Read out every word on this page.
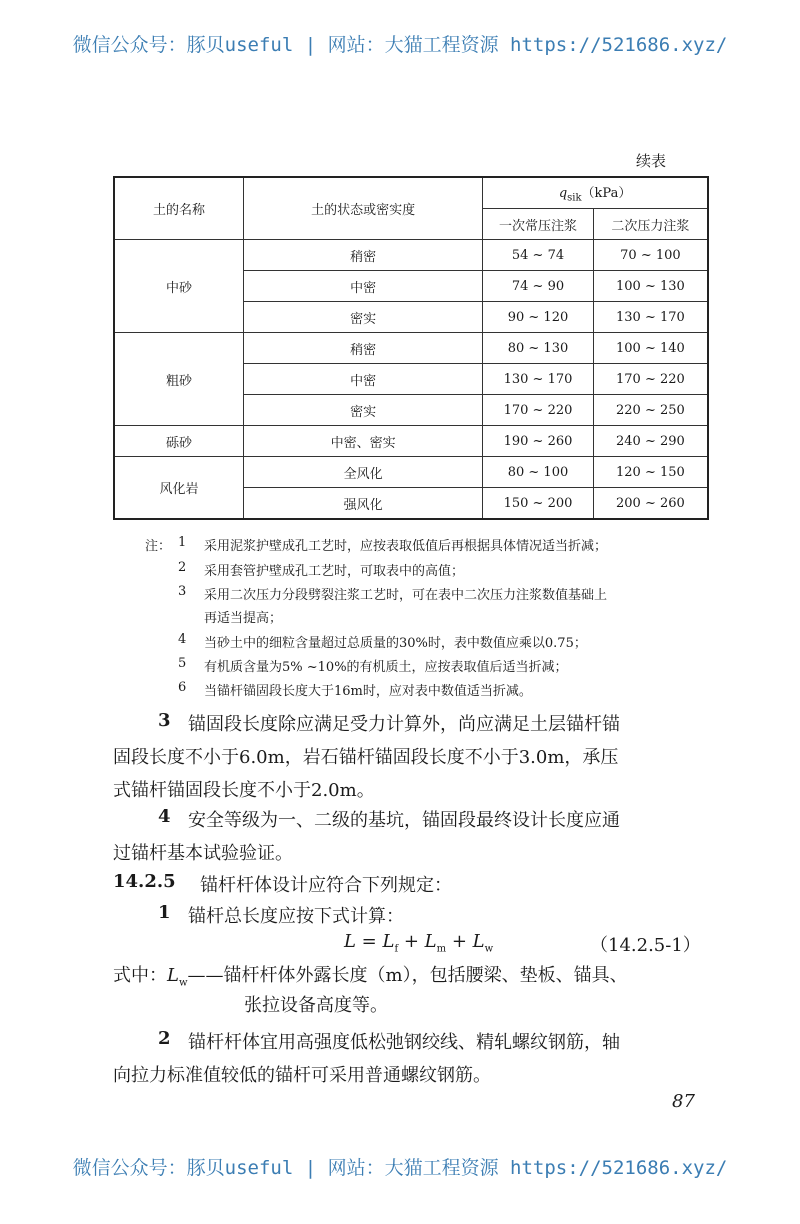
微信公众号：豚贝useful | 网站：大猫工程资源 https://521686.xyz/
续表
土的名称	土的状态或密实度	$q_{sik}(kPa)$	
		一次常压注浆	二次压力注浆
中砂	稍密	54 ~ 74	70 ~ 100
	中密	74 ~ 90	100 ~ 130
	密实	90 ~ 120	130 ~ 170
粗砂	稍密	80 ~ 130	100 ~ 140
	中密	130 ~ 170	170 ~ 220
	密实	170 ~ 220	220 ~ 250
砾砂	中密、密实	190 ~ 260	240 ~ 290
风化岩	全风化	80 ~ 100	120 ~ 150
	强风化	150 ~ 200	200 ~ 260
注： 1 采用泥浆护壁成孔工艺时，应按表取低值后再根据具体情况适当折减；
2 采用套管护壁成孔工艺时，可取表中的高值；
3 采用二次压力分段劈裂注浆工艺时，可在表中二次压力注浆数值基础上
再适当提高；
4 当砂土中的细粒含量超过总质量的30%时，表中数值应乘以0.75；
5 有机质含量为5% ~10%的有机质土，应按表取值后适当折减；
6 当锚杆锚固段长度大于16m时，应对表中数值适当折减。
3 锚固段长度除应满足受力计算外，尚应满足土层锚杆锚
固段长度不小于6.0m，岩石锚杆锚固段长度不小于3.0m，承压
式锚杆锚固段长度不小于2.0m。
4 安全等级为一、二级的基坑，锚固段最终设计长度应通
过锚杆基本试验验证。
14.2.5 锚杆杆体设计应符合下列规定：
1 锚杆总长度应按下式计算：
$L = L_f + L_m + L_w$	（14.2.5-1）
式中：$L_w——$锚杆杆体外露长度（m），包括腰梁、垫板、锚具、
张拉设备高度等。
2 锚杆杆体宜用高强度低松弛钢绞线、精轧螺纹钢筋，轴
向拉力标准值较低的锚杆可采用普通螺纹钢筋。
87
微信公众号：豚贝useful | 网站：大猫工程资源 https://521686.xyz/
